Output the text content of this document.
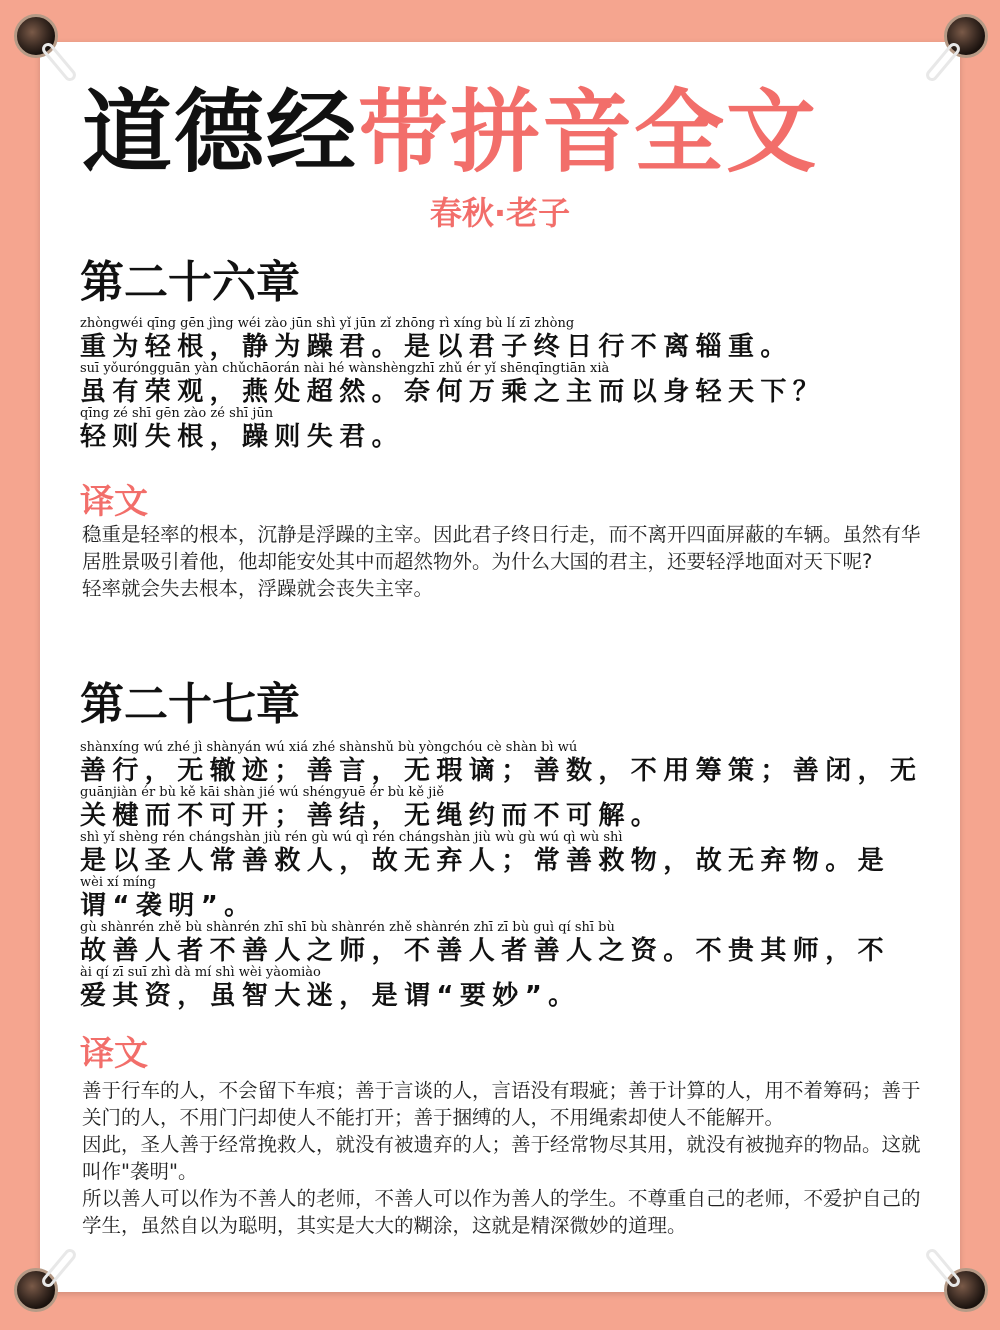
道德经带拼音全文
春秋·老子
第二十六章
zhòngwéi qīng gēn jìng wéi zào jūn shì yǐ jūn zǐ zhōng rì xíng bù lí zī zhòng
重为轻根，静为躁君。是以君子终日行不离辎重。
suī yǒuróngguān yàn chǔchāorán nài hé wànshèngzhī zhǔ ér yǐ shēnqīngtiān xià
虽有荣观，燕处超然。奈何万乘之主而以身轻天下？
qīng zé shī gēn zào zé shī jūn
轻则失根，躁则失君。
译文

稳重是轻率的根本，沉静是浮躁的主宰。因此君子终日行走，而不离开四面屏蔽的车辆。虽然有华居胜景吸引着他，他却能安处其中而超然物外。为什么大国的君主，还要轻浮地面对天下呢?

轻率就会失去根本，浮躁就会丧失主宰。

第二十七章
shànxíng wú zhé jì shànyán wú xiá zhé shànshǔ bù yòngchóu cè shàn bì wú
善行，无辙迹；善言，无瑕谪；善数，不用筹策；善闭，无
guānjiàn ér bù kě kāi shàn jié wú shéngyuē ér bù kě jiě
关楗而不可开；善结，无绳约而不可解。
shì yǐ shèng rén chángshàn jiù rén gù wú qì rén chángshàn jiù wù gù wú qì wù shì
是以圣人常善救人，故无弃人；常善救物，故无弃物。是
wèi xí míng
谓“袭明”。
gù shànrén zhě bù shànrén zhī shī bù shànrén zhě shànrén zhī zī bù guì qí shī bù
故善人者不善人之师，不善人者善人之资。不贵其师，不
ài qí zī suī zhì dà mí shì wèi yàomiào
爱其资，虽智大迷，是谓“要妙”。
译文

善于行车的人，不会留下车痕；善于言谈的人，言语没有瑕疵；善于计算的人，用不着筹码；善于关门的人，不用门闩却使人不能打开；善于捆缚的人，不用绳索却使人不能解开。

因此，圣人善于经常挽救人，就没有被遗弃的人；善于经常物尽其用，就没有被抛弃的物品。这就叫作"袭明"。

所以善人可以作为不善人的老师，不善人可以作为善人的学生。不尊重自己的老师，不爱护自己的学生，虽然自以为聪明，其实是大大的糊涂，这就是精深微妙的道理。
